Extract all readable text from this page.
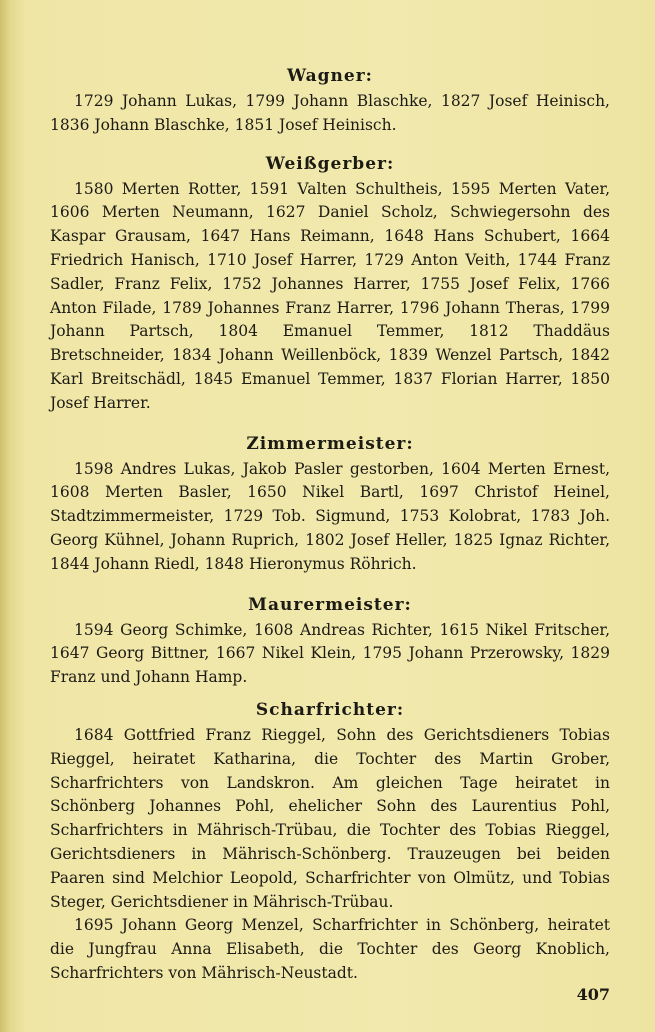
Wagner:

1729 Johann Lukas, 1799 Johann Blaschke, 1827 Josef Heinisch, 1836 Johann Blaschke, 1851 Josef Heinisch.

Weißgerber:

1580 Merten Rotter, 1591 Valten Schultheis, 1595 Merten Vater, 1606 Merten Neumann, 1627 Daniel Scholz, Schwiegersohn des Kaspar Grausam, 1647 Hans Reimann, 1648 Hans Schubert, 1664 Friedrich Hanisch, 1710 Josef Harrer, 1729 Anton Veith, 1744 Franz Sadler, Franz Felix, 1752 Johannes Harrer, 1755 Josef Felix, 1766 Anton Filade, 1789 Johannes Franz Harrer, 1796 Johann Theras, 1799 Johann Partsch, 1804 Emanuel Temmer, 1812 Thaddäus Bretschneider, 1834 Johann Weillenböck, 1839 Wenzel Partsch, 1842 Karl Breitschädl, 1845 Emanuel Temmer, 1837 Florian Harrer, 1850 Josef Harrer.

Zimmermeister:

1598 Andres Lukas, Jakob Pasler gestorben, 1604 Merten Ernest, 1608 Merten Basler, 1650 Nikel Bartl, 1697 Christof Heinel, Stadtzimmermeister, 1729 Tob. Sigmund, 1753 Kolobrat, 1783 Joh. Georg Kühnel, Johann Ruprich, 1802 Josef Heller, 1825 Ignaz Richter, 1844 Johann Riedl, 1848 Hieronymus Röhrich.

Maurermeister:

1594 Georg Schimke, 1608 Andreas Richter, 1615 Nikel Fritscher, 1647 Georg Bittner, 1667 Nikel Klein, 1795 Johann Przerowsky, 1829 Franz und Johann Hamp.

Scharfrichter:

1684 Gottfried Franz Rieggel, Sohn des Gerichtsdieners Tobias Rieggel, heiratet Katharina, die Tochter des Martin Grober, Scharfrichters von Landskron. Am gleichen Tage heiratet in Schönberg Johannes Pohl, ehelicher Sohn des Laurentius Pohl, Scharfrichters in Mährisch-Trübau, die Tochter des Tobias Rieggel, Gerichtsdieners in Mährisch-Schönberg. Trauzeugen bei beiden Paaren sind Melchior Leopold, Scharfrichter von Olmütz, und Tobias Steger, Gerichtsdiener in Mährisch-Trübau.

1695 Johann Georg Menzel, Scharfrichter in Schönberg, heiratet die Jungfrau Anna Elisabeth, die Tochter des Georg Knoblich, Scharfrichters von Mährisch-Neustadt.

407
